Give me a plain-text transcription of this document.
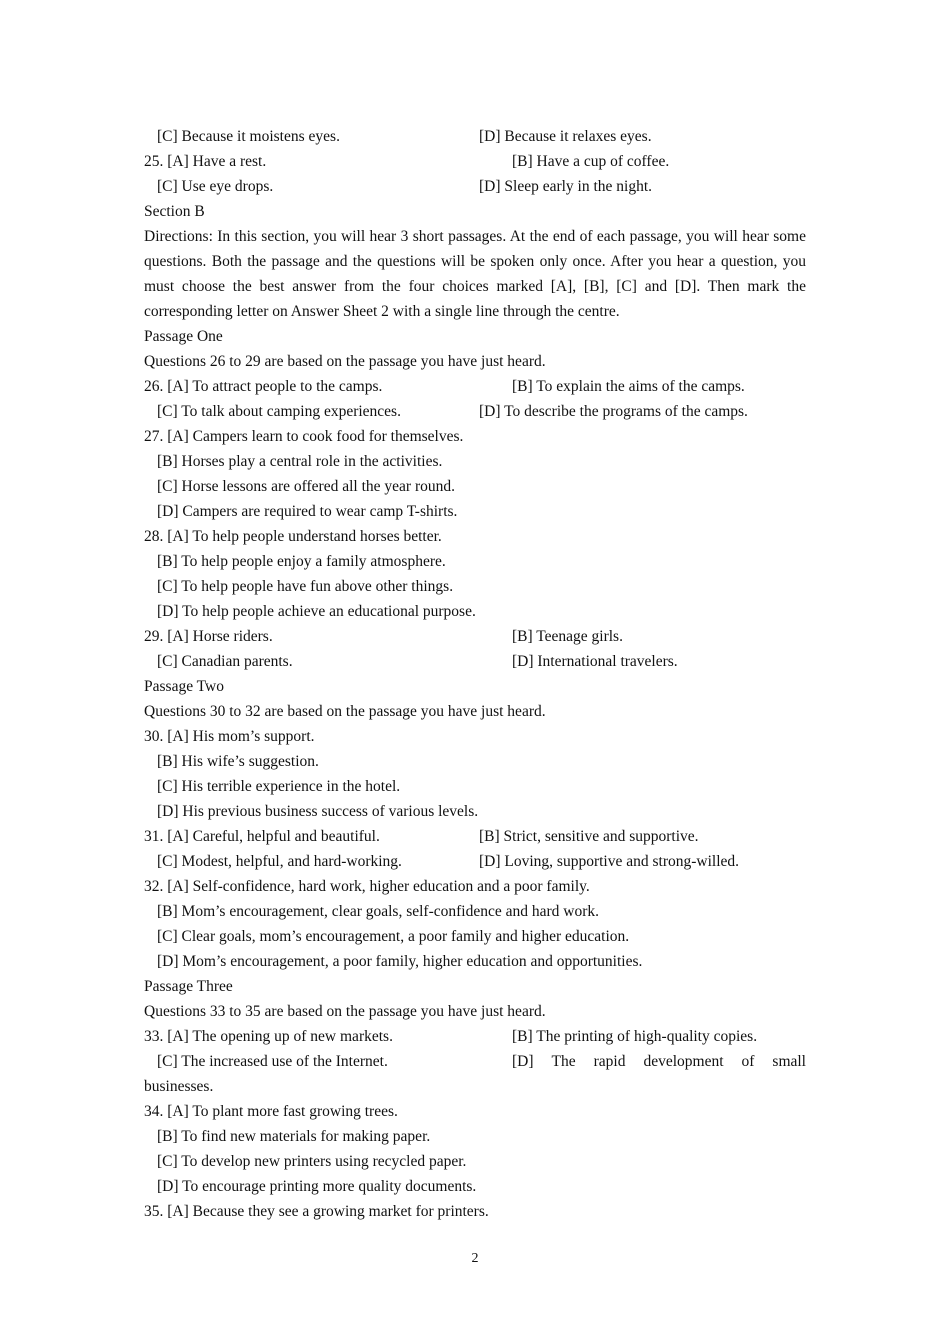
[C] Because it moistens eyes.	[D] Because it relaxes eyes.
25. [A] Have a rest.	[B] Have a cup of coffee.
[C] Use eye drops.	[D] Sleep early in the night.
Section B
Directions: In this section, you will hear 3 short passages. At the end of each passage, you will hear some questions. Both the passage and the questions will be spoken only once. After you hear a question, you must choose the best answer from the four choices marked [A], [B], [C] and [D]. Then mark the corresponding letter on Answer Sheet 2 with a single line through the centre.
Passage One
Questions 26 to 29 are based on the passage you have just heard.
26. [A] To attract people to the camps.	[B] To explain the aims of the camps.
[C] To talk about camping experiences.	[D] To describe the programs of the camps.
27. [A] Campers learn to cook food for themselves.
[B] Horses play a central role in the activities.
[C] Horse lessons are offered all the year round.
[D] Campers are required to wear camp T-shirts.
28. [A] To help people understand horses better.
[B] To help people enjoy a family atmosphere.
[C] To help people have fun above other things.
[D] To help people achieve an educational purpose.
29. [A] Horse riders.	[B] Teenage girls.
[C] Canadian parents.	[D] International travelers.
Passage Two
Questions 30 to 32 are based on the passage you have just heard.
30. [A] His mom’s support.
[B] His wife’s suggestion.
[C] His terrible experience in the hotel.
[D] His previous business success of various levels.
31. [A] Careful, helpful and beautiful.	[B] Strict, sensitive and supportive.
[C] Modest, helpful, and hard-working.	[D] Loving, supportive and strong-willed.
32. [A] Self-confidence, hard work, higher education and a poor family.
[B] Mom’s encouragement, clear goals, self-confidence and hard work.
[C] Clear goals, mom’s encouragement, a poor family and higher education.
[D] Mom’s encouragement, a poor family, higher education and opportunities.
Passage Three
Questions 33 to 35 are based on the passage you have just heard.
33. [A] The opening up of new markets.	[B] The printing of high-quality copies.
[C] The increased use of the Internet.	[D] The rapid development of small
businesses.
34. [A] To plant more fast growing trees.
[B] To find new materials for making paper.
[C] To develop new printers using recycled paper.
[D] To encourage printing more quality documents.
35. [A] Because they see a growing market for printers.
2
